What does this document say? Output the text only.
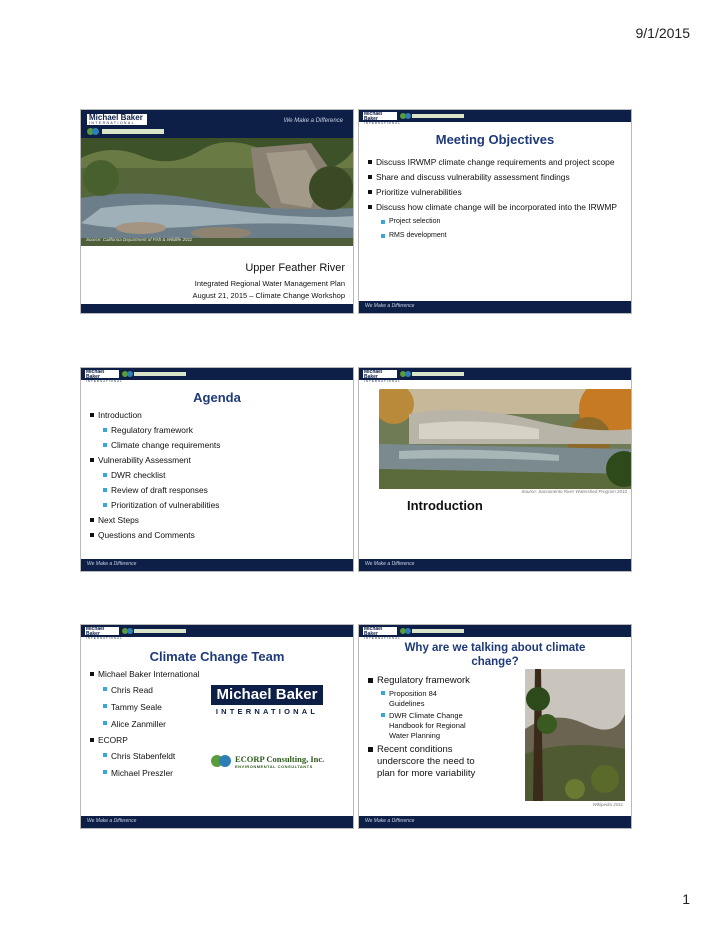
9/1/2015
Michael Baker
INTERNATIONAL	We Make a Difference
Source: California Department of Fish & Wildlife 2011
Upper Feather River
Integrated Regional Water Management Plan
August 21, 2015 – Climate Change Workshop
Michael Baker
INTERNATIONAL
Meeting Objectives
Discuss IRWMP climate change requirements and project scope
Share and discuss vulnerability assessment findings
Prioritize vulnerabilities
Discuss how climate change will be incorporated into the IRWMP
Project selection
RMS development
We Make a Difference
Michael Baker
INTERNATIONAL
Agenda
Introduction
Regulatory framework
Climate change requirements
Vulnerability Assessment
DWR checklist
Review of draft responses
Prioritization of vulnerabilities
Next Steps
Questions and Comments
We Make a Difference
Michael Baker
INTERNATIONAL
Source: Sacramento River Watershed Program 2010
Introduction
We Make a Difference
Michael Baker
INTERNATIONAL
Climate Change Team
Michael Baker International
Chris Read
Tammy Seale
Alice Zanmiller
ECORP
Chris Stabenfeldt
Michael Preszler
Michael Baker
INTERNATIONAL
ECORP Consulting, Inc.
ENVIRONMENTAL CONSULTANTS
We Make a Difference
Michael Baker
INTERNATIONAL
Why are we talking about climate
change?
Regulatory framework
Proposition 84 Guidelines
DWR Climate Change Handbook for Regional Water Planning
Recent conditions underscore the need to plan for more variability
Wikipedia 2011
We Make a Difference
1
